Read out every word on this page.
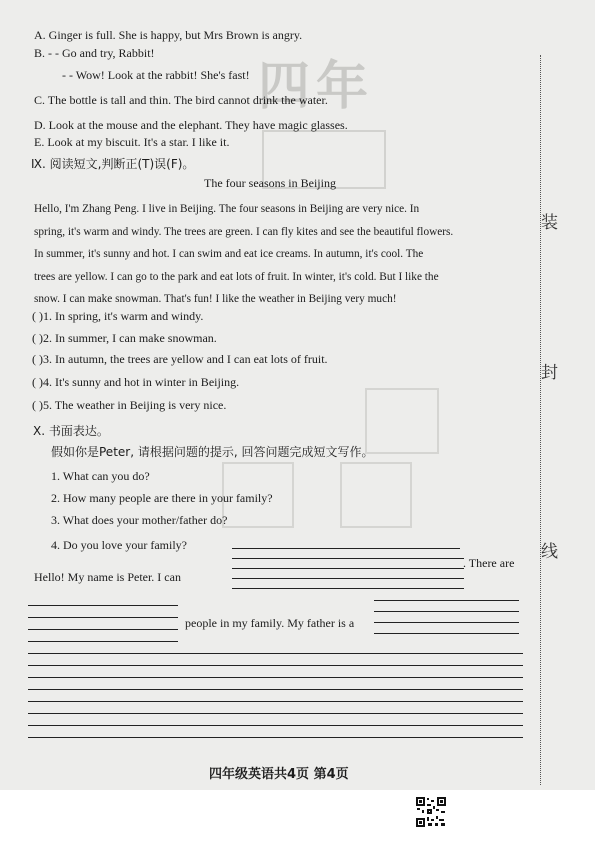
四年
A. Ginger is full. She is happy, but Mrs Brown is angry.
B. - - Go and try, Rabbit!
- - Wow! Look at the rabbit! She's fast!
C. The bottle is tall and thin. The bird cannot drink the water.
D. Look at the mouse and the elephant. They have magic glasses.
E. Look at my biscuit. It's a star. I like it.
Ⅸ. 阅读短文,判断正(T)误(F)。
The four seasons in Beijing
Hello, I'm Zhang Peng. I live in Beijing. The four seasons in Beijing are very nice. In
spring, it's warm and windy. The trees are green. I can fly kites and see the beautiful flowers.
In summer, it's sunny and hot. I can swim and eat ice creams. In autumn, it's cool. The
trees are yellow. I can go to the park and eat lots of fruit. In winter, it's cold. But I like the
snow. I can make snowman. That's fun! I like the weather in Beijing very much!
( )1. In spring, it's warm and windy.
( )2. In summer, I can make snowman.
( )3. In autumn, the trees are yellow and I can eat lots of fruit.
( )4. It's sunny and hot in winter in Beijing.
( )5. The weather in Beijing is very nice.
Ⅹ. 书面表达。
假如你是Peter, 请根据问题的提示, 回答问题完成短文写作。
1. What can you do?
2. How many people are there in your family?
3. What does your mother/father do?
4. Do you love your family?
Hello! My name is Peter. I can
. There are
people in my family. My father is a
装
封
线
四年级英语共4页 第4页
